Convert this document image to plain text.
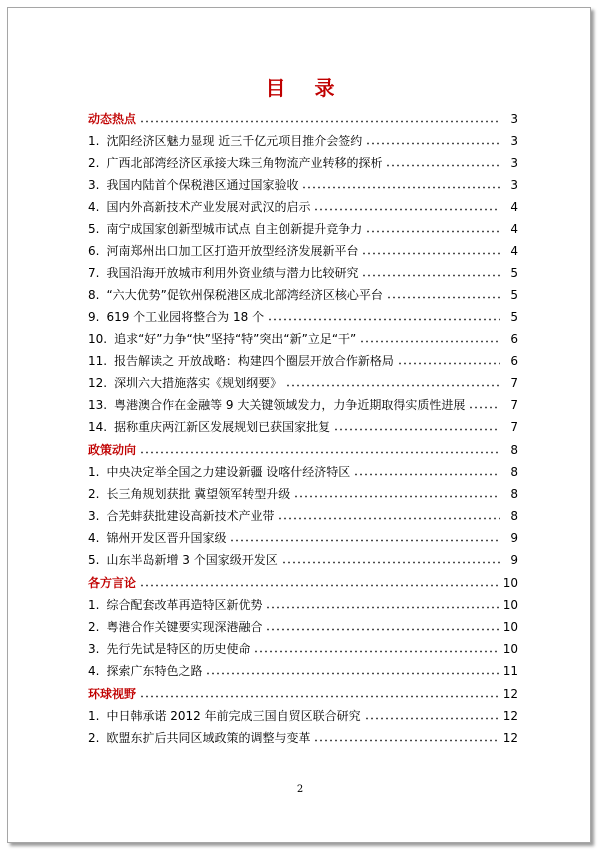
目 录
动态热点	3
1. 沈阳经济区魅力显现 近三千亿元项目推介会签约	3
2. 广西北部湾经济区承接大珠三角物流产业转移的探析	3
3. 我国内陆首个保税港区通过国家验收	3
4. 国内外高新技术产业发展对武汉的启示	4
5. 南宁成国家创新型城市试点 自主创新提升竞争力	4
6. 河南郑州出口加工区打造开放型经济发展新平台	4
7. 我国沿海开放城市利用外资业绩与潜力比较研究	5
8. “六大优势”促钦州保税港区成北部湾经济区核心平台	5
9. 619 个工业园将整合为 18 个	5
10. 追求“好”力争“快”坚持“特”突出“新”立足“干”	6
11. 报告解读之 开放战略：构建四个圈层开放合作新格局	6
12. 深圳六大措施落实《规划纲要》	7
13. 粤港澳合作在金融等 9 大关键领域发力，力争近期取得实质性进展	7
14. 据称重庆两江新区发展规划已获国家批复	7
政策动向	8
1. 中央决定举全国之力建设新疆 设喀什经济特区	8
2. 长三角规划获批 冀望领军转型升级	8
3. 合芜蚌获批建设高新技术产业带	8
4. 锦州开发区晋升国家级	9
5. 山东半岛新增 3 个国家级开发区	9
各方言论	10
1. 综合配套改革再造特区新优势	10
2. 粤港合作关键要实现深港融合	10
3. 先行先试是特区的历史使命	10
4. 探索广东特色之路	11
环球视野	12
1. 中日韩承诺 2012 年前完成三国自贸区联合研究	12
2. 欧盟东扩后共同区域政策的调整与变革	12
2
